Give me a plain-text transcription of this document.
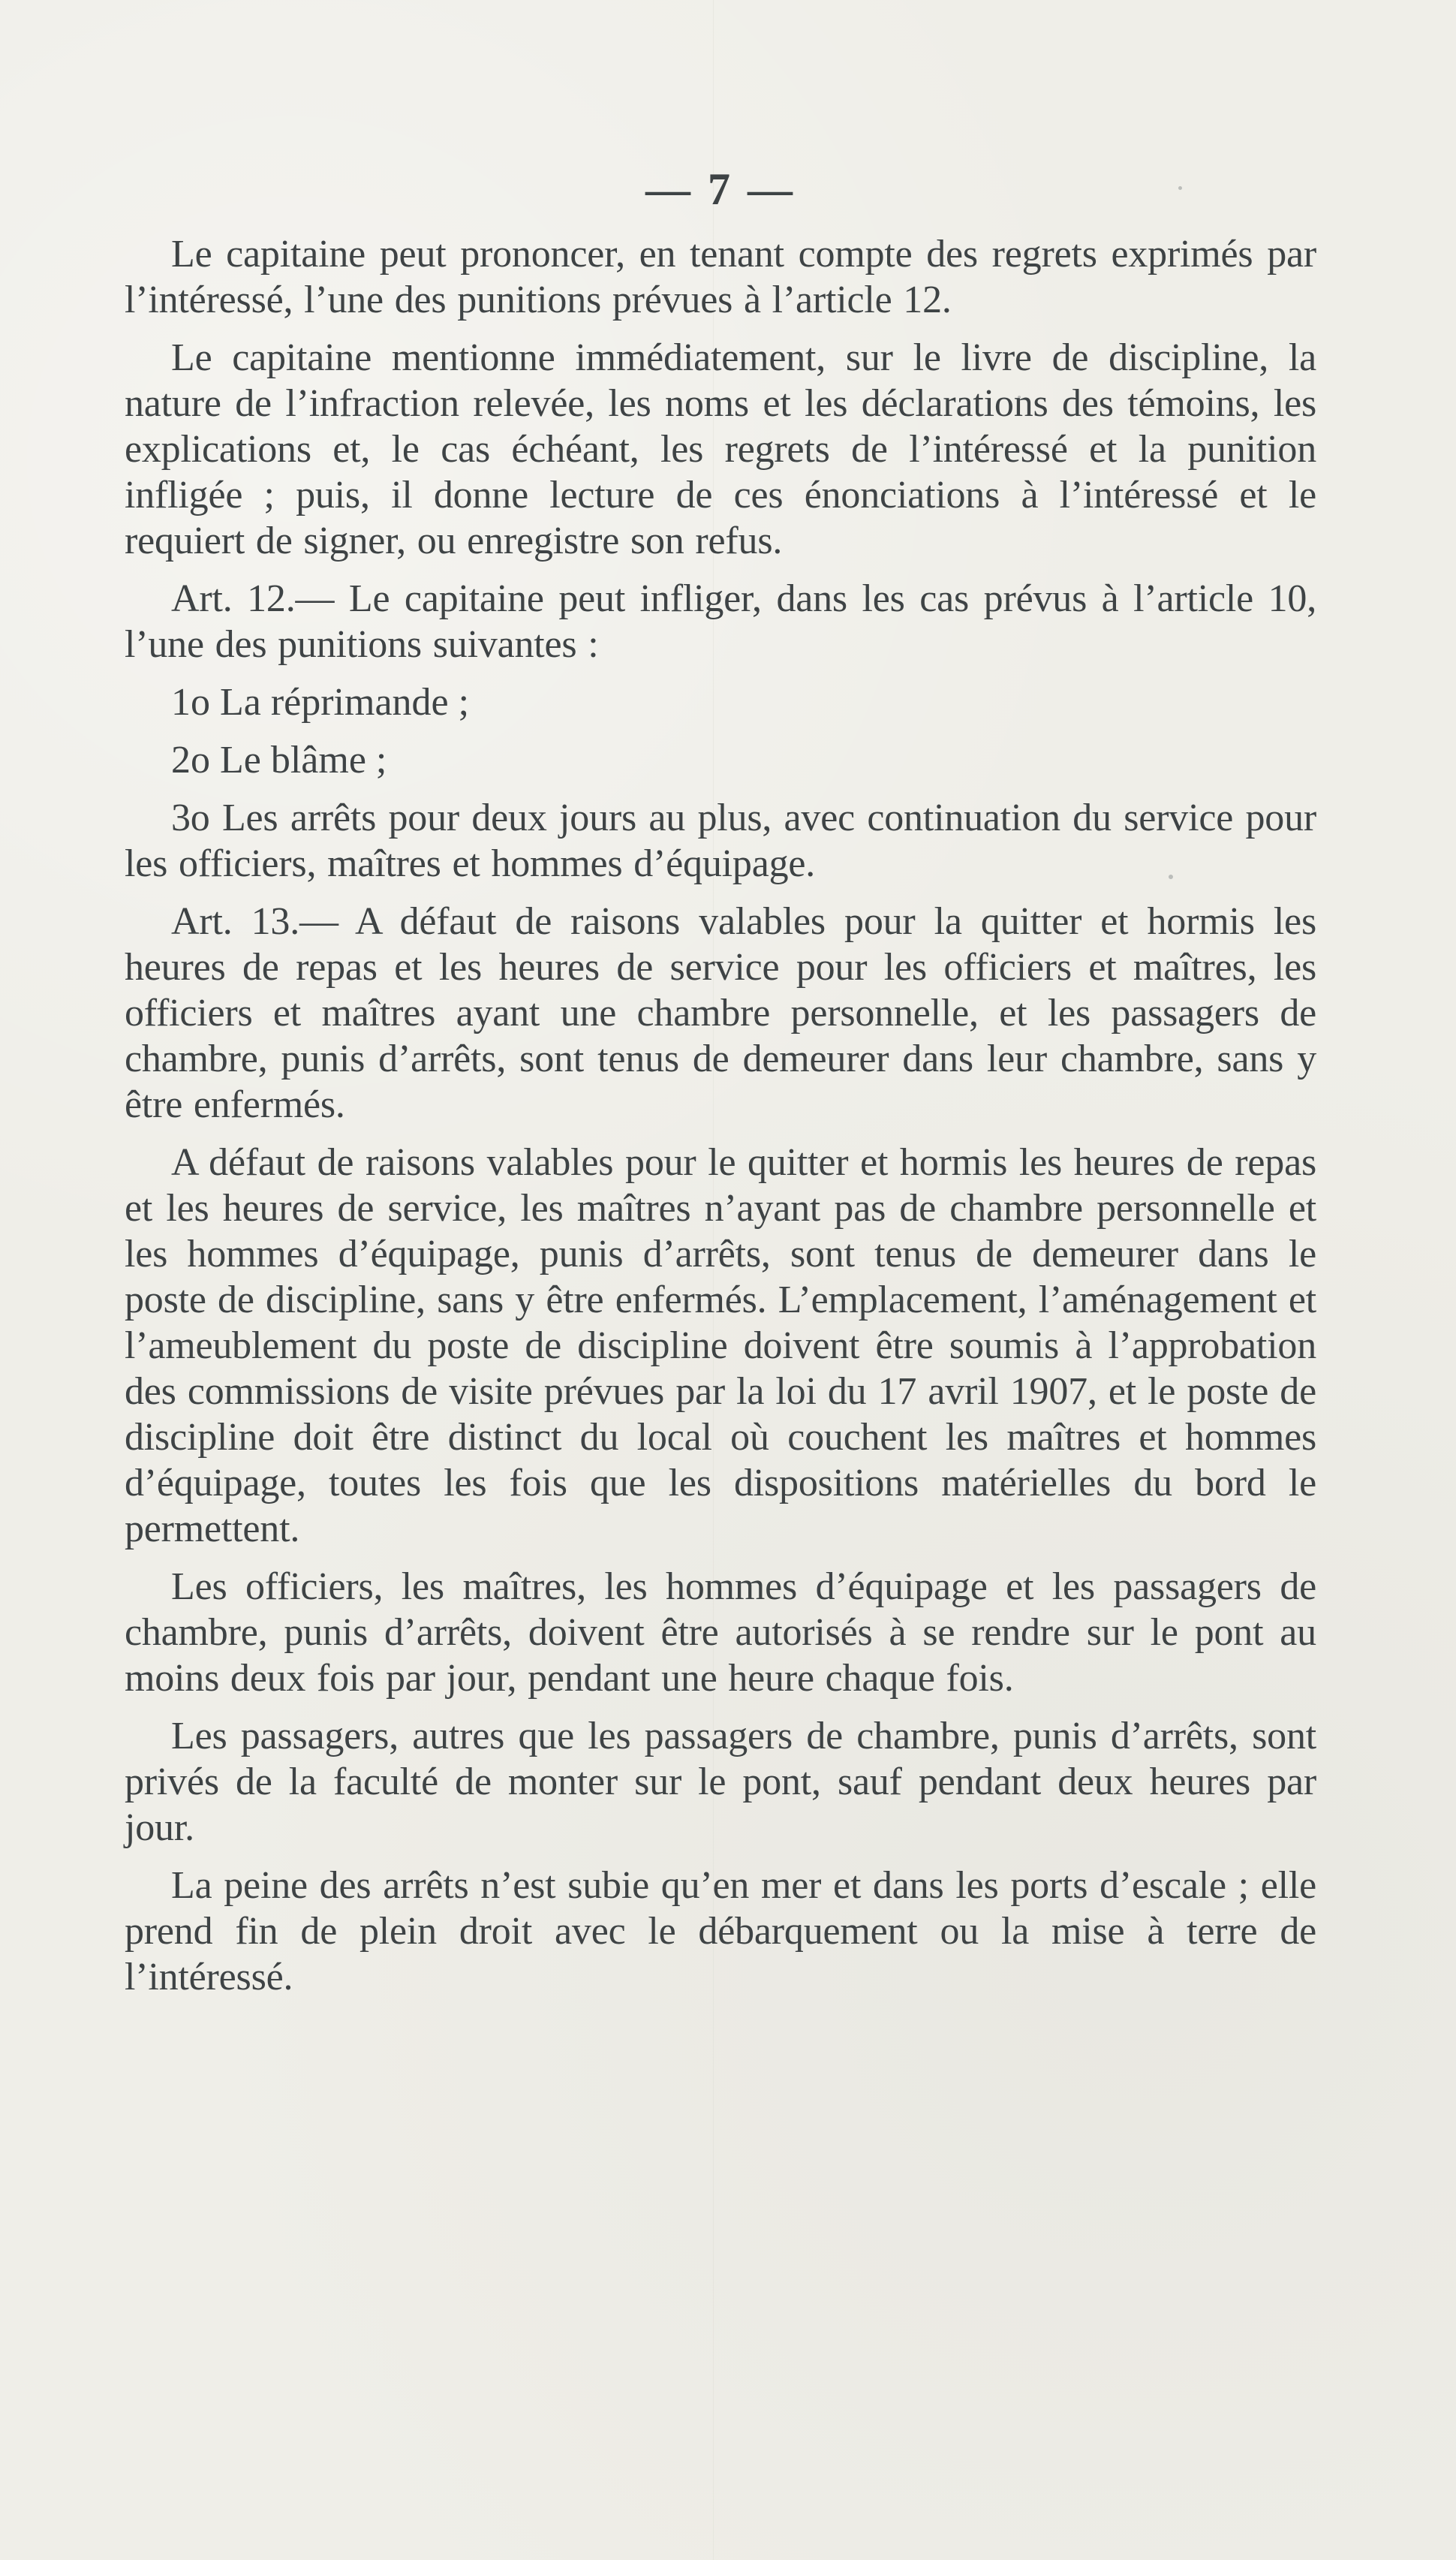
— 7 —

Le capitaine peut prononcer, en tenant compte des regrets exprimés par l’intéressé, l’une des punitions prévues à l’article 12.

Le capitaine mentionne immédiatement, sur le livre de discipline, la nature de l’infraction relevée, les noms et les déclarations des témoins, les explications et, le cas échéant, les regrets de l’intéressé et la punition infligée ; puis, il donne lecture de ces énonciations à l’intéressé et le requiert de signer, ou enregistre son refus.

Art. 12.— Le capitaine peut infliger, dans les cas prévus à l’article 10, l’une des punitions suivantes :

1o La réprimande ;

2o Le blâme ;

3o Les arrêts pour deux jours au plus, avec continuation du service pour les officiers, maîtres et hommes d’équipage.

Art. 13.— A défaut de raisons valables pour la quitter et hormis les heures de repas et les heures de service pour les officiers et maîtres, les officiers et maîtres ayant une chambre personnelle, et les passagers de chambre, punis d’arrêts, sont tenus de demeurer dans leur chambre, sans y être enfermés.

A défaut de raisons valables pour le quitter et hormis les heures de repas et les heures de service, les maîtres n’ayant pas de chambre personnelle et les hommes d’équipage, punis d’arrêts, sont tenus de demeurer dans le poste de discipline, sans y être enfermés. L’emplacement, l’aménagement et l’ameublement du poste de discipline doivent être soumis à l’approbation des commissions de visite prévues par la loi du 17 avril 1907, et le poste de discipline doit être distinct du local où couchent les maîtres et hommes d’équipage, toutes les fois que les dispositions matérielles du bord le permettent.

Les officiers, les maîtres, les hommes d’équipage et les passagers de chambre, punis d’arrêts, doivent être autorisés à se rendre sur le pont au moins deux fois par jour, pendant une heure chaque fois.

Les passagers, autres que les passagers de chambre, punis d’arrêts, sont privés de la faculté de monter sur le pont, sauf pendant deux heures par jour.

La peine des arrêts n’est subie qu’en mer et dans les ports d’escale ; elle prend fin de plein droit avec le débarquement ou la mise à terre de l’intéressé.
